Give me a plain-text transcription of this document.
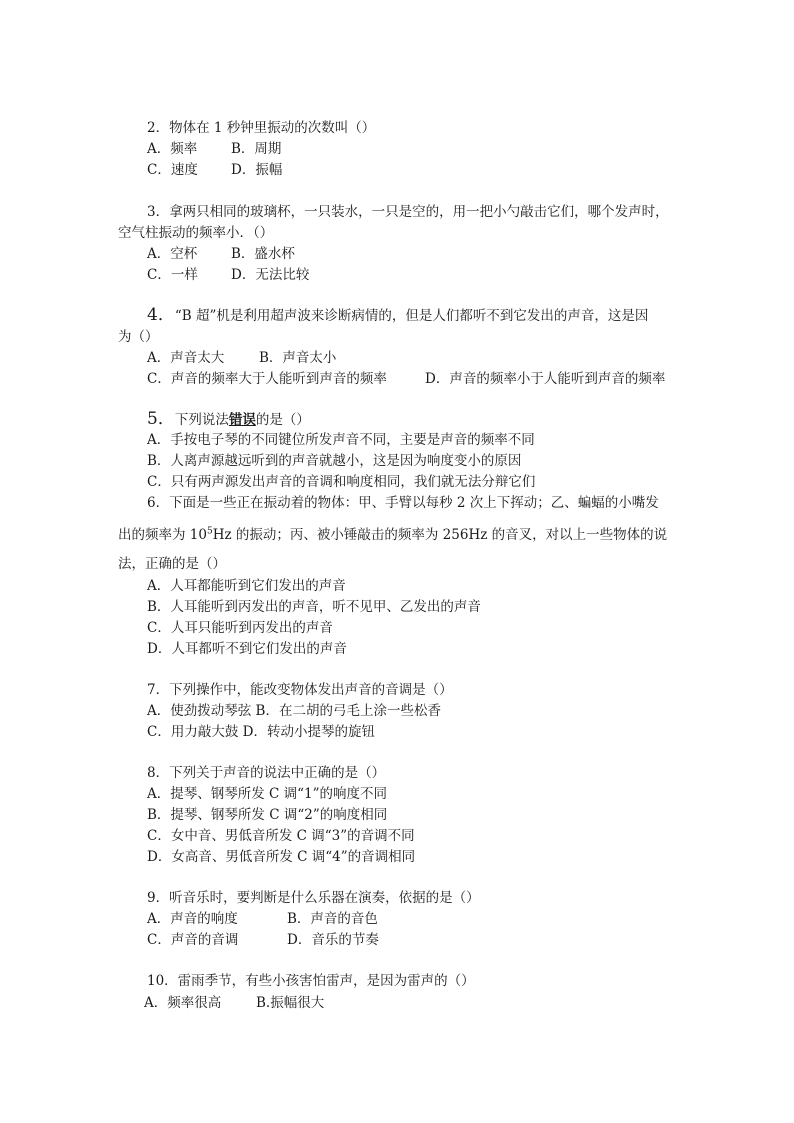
2．物体在 1 秒钟里振动的次数叫（）
A．频率	B．周期
C．速度 D．振幅
3．拿两只相同的玻璃杯，一只装水，一只是空的，用一把小勺敲击它们，哪个发声时，
空气柱振动的频率小．（）
A．空杯	B．盛水杯
C．一样 D．无法比较
4．“B 超”机是利用超声波来诊断病情的，但是人们都听不到它发出的声音，这是因
为（）
A．声音太大	B．声音太小
C．声音的频率大于人能听到声音的频率	D．声音的频率小于人能听到声音的频率
5．下列说法错误的是（）
A．手按电子琴的不同键位所发声音不同，主要是声音的频率不同
B．人离声源越远听到的声音就越小，这是因为响度变小的原因
C．只有两声源发出声音的音调和响度相同，我们就无法分辩它们
6．下面是一些正在振动着的物体：甲、手臂以每秒 2 次上下挥动；乙、蝙蝠的小嘴发
出的频率为 $10^5Hz$ 的振动；丙、被小锤敲击的频率为 256Hz 的音叉，对以上一些物体的说
法，正确的是（）
A．人耳都能听到它们发出的声音
B．人耳能听到丙发出的声音，听不见甲、乙发出的声音
C．人耳只能听到丙发出的声音
D．人耳都听不到它们发出的声音
7．下列操作中，能改变物体发出声音的音调是（）
A．使劲拨动琴弦 B．在二胡的弓毛上涂一些松香
C．用力敲大鼓 D．转动小提琴的旋钮
8．下列关于声音的说法中正确的是（）
A．提琴、钢琴所发 C 调“1”的响度不同
B．提琴、钢琴所发 C 调“2”的响度相同
C．女中音、男低音所发 C 调“3”的音调不同
D．女高音、男低音所发 C 调“4”的音调相同
9．听音乐时，要判断是什么乐器在演奏，依据的是（）
A．声音的响度	B．声音的音色
C．声音的音调	D．音乐的节奏
10．雷雨季节，有些小孩害怕雷声，是因为雷声的（）
A．频率很高	B.振幅很大
